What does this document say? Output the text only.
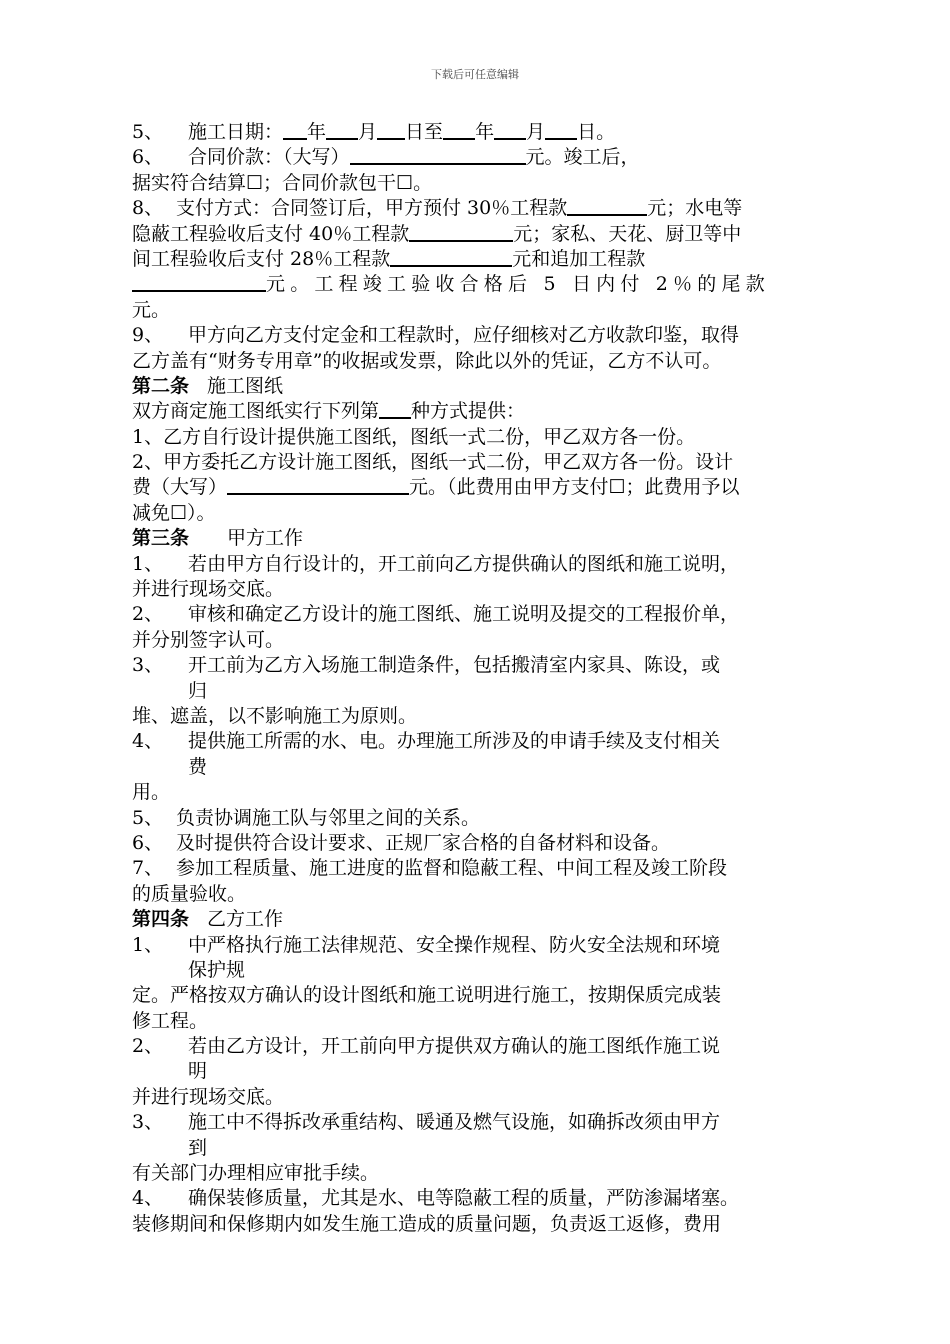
下载后可任意编辑
5、 施工日期： 年 月 日至 年 月 日。
6、 合同价款：（大写）	元。竣工后，
据实符合结算☐；合同价款包干☐。
8、 支付方式：合同签订后，甲方预付 30％工程款	元；水电等
隐蔽工程验收后支付 40％工程款	元；家私、天花、厨卫等中
间工程验收后支付 28％工程款	元和追加工程款
元。工程竣工验收合格后 5 日内付 2％的尾款
元。
9、 甲方向乙方支付定金和工程款时，应仔细核对乙方收款印鉴，取得
乙方盖有“财务专用章”的收据或发票，除此以外的凭证，乙方不认可。
第二条 施工图纸
双方商定施工图纸实行下列第 种方式提供：
1、乙方自行设计提供施工图纸，图纸一式二份，甲乙双方各一份。
2、甲方委托乙方设计施工图纸，图纸一式二份，甲乙双方各一份。设计
费（大写）	元。（此费用由甲方支付☐；此费用予以
减免☐）。
第三条 甲方工作
1、 若由甲方自行设计的，开工前向乙方提供确认的图纸和施工说明，
并进行现场交底。
2、 审核和确定乙方设计的施工图纸、施工说明及提交的工程报价单，
并分别签字认可。
3、 开工前为乙方入场施工制造条件，包括搬清室内家具、陈设，或
归
堆、遮盖，以不影响施工为原则。
4、 提供施工所需的水、电。办理施工所涉及的申请手续及支付相关
费
用。
5、 负责协调施工队与邻里之间的关系。
6、 及时提供符合设计要求、正规厂家合格的自备材料和设备。
7、 参加工程质量、施工进度的监督和隐蔽工程、中间工程及竣工阶段
的质量验收。
第四条 乙方工作
1、 中严格执行施工法律规范、安全操作规程、防火安全法规和环境
保护规
定。严格按双方确认的设计图纸和施工说明进行施工，按期保质完成装
修工程。
2、 若由乙方设计，开工前向甲方提供双方确认的施工图纸作施工说
明
并进行现场交底。
3、 施工中不得拆改承重结构、暖通及燃气设施，如确拆改须由甲方
到
有关部门办理相应审批手续。
4、 确保装修质量，尤其是水、电等隐蔽工程的质量，严防渗漏堵塞。
装修期间和保修期内如发生施工造成的质量问题，负责返工返修，费用
